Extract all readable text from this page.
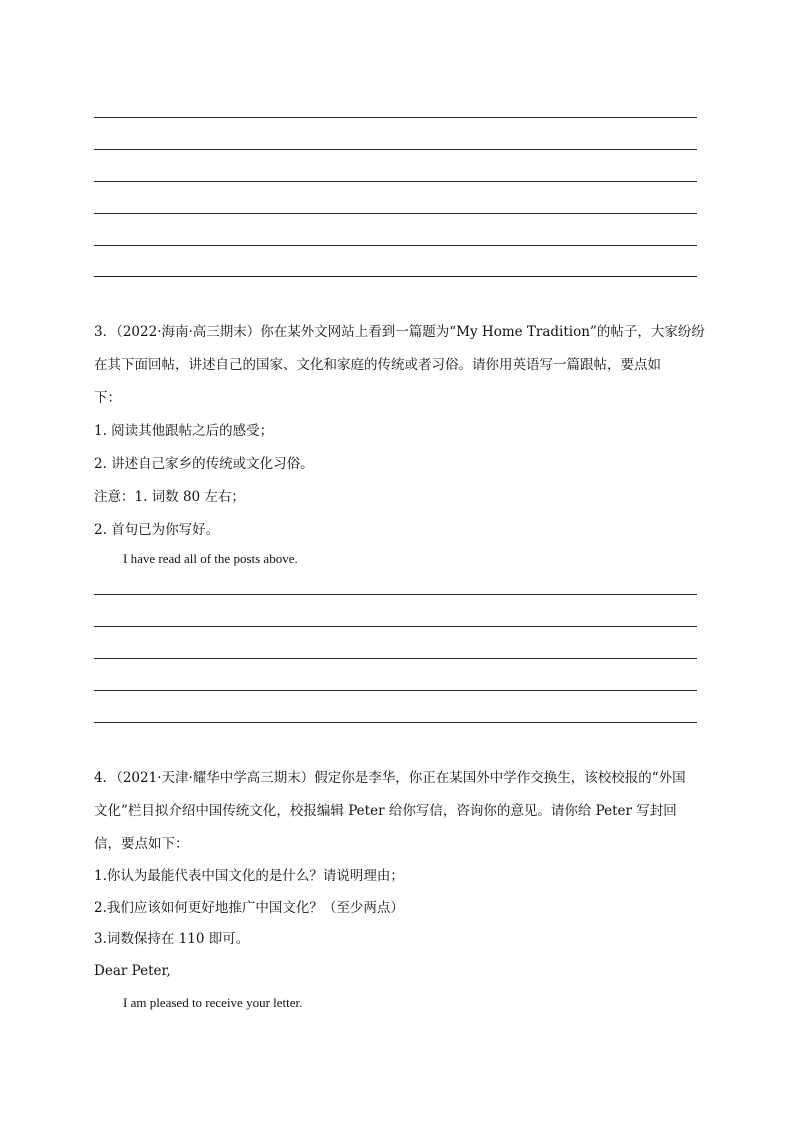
3．（2022·海南·高三期末）你在某外文网站上看到一篇题为“My Home Tradition”的帖子，大家纷纷
在其下面回帖，讲述自己的国家、文化和家庭的传统或者习俗。请你用英语写一篇跟帖，要点如
下：
1. 阅读其他跟帖之后的感受；
2. 讲述自己家乡的传统或文化习俗。
注意：1. 词数 80 左右；
2. 首句已为你写好。
I have read all of the posts above.
4．（2021·天津·耀华中学高三期末）假定你是李华，你正在某国外中学作交换生，该校校报的“外国
文化”栏目拟介绍中国传统文化，校报编辑 Peter 给你写信，咨询你的意见。请你给 Peter 写封回
信，要点如下：
1.你认为最能代表中国文化的是什么？请说明理由；
2.我们应该如何更好地推广中国文化？（至少两点）
3.词数保持在 110 即可。
Dear Peter,
I am pleased to receive your letter.
